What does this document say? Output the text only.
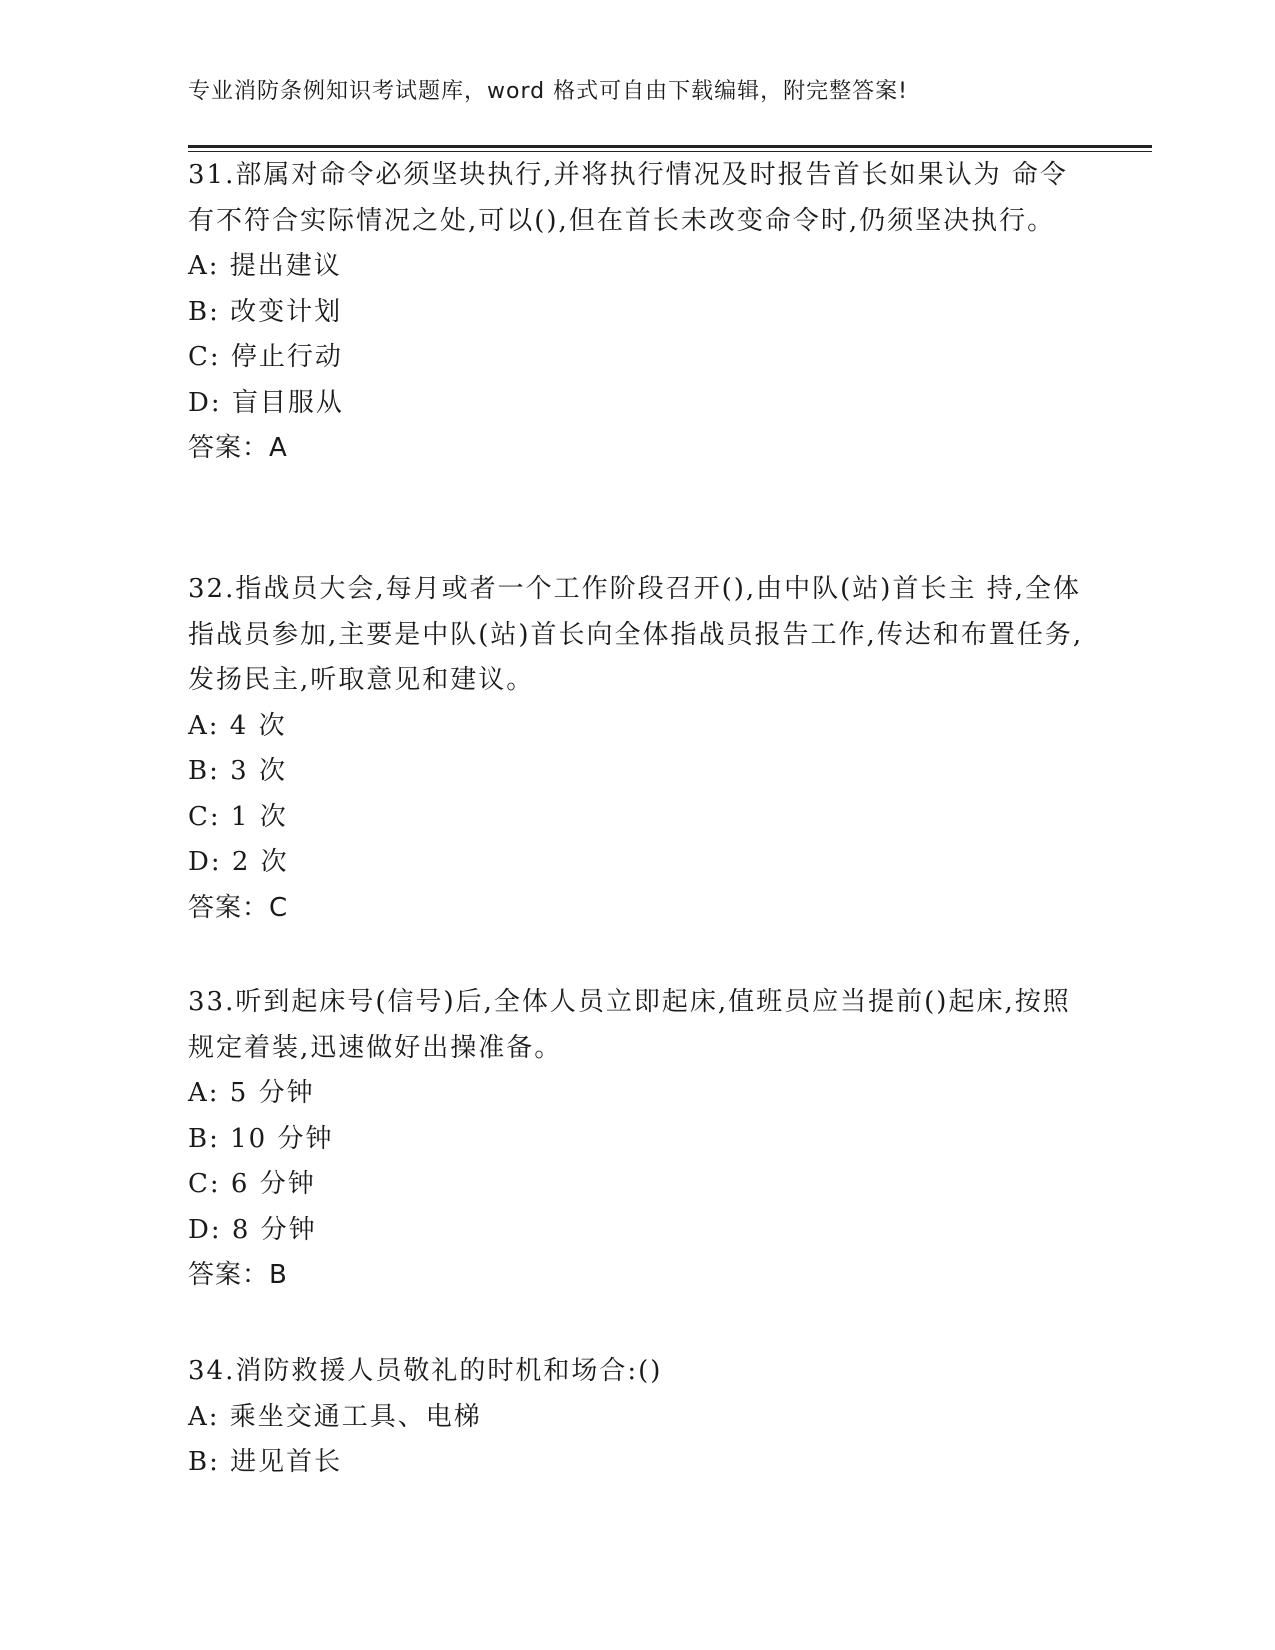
专业消防条例知识考试题库，word 格式可自由下载编辑，附完整答案!

31.部属对命令必须坚块执行,并将执行情况及时报告首长如果认为 命令有不符合实际情况之处,可以(),但在首长未改变命令时,仍须坚决执行。

A: 提出建议
B: 改变计划
C: 停止行动
D: 盲目服从
答案：A

32.指战员大会,每月或者一个工作阶段召开(),由中队(站)首长主 持,全体指战员参加,主要是中队(站)首长向全体指战员报告工作,传达和布置任务,发扬民主,听取意见和建议。

A: 4 次
B: 3 次
C: 1 次
D: 2 次
答案：C

33.听到起床号(信号)后,全体人员立即起床,值班员应当提前()起床,按照规定着装,迅速做好出操准备。

A: 5 分钟
B: 10 分钟
C: 6 分钟
D: 8 分钟
答案：B

34.消防救援人员敬礼的时机和场合:()

A: 乘坐交通工具、电梯
B: 进见首长
